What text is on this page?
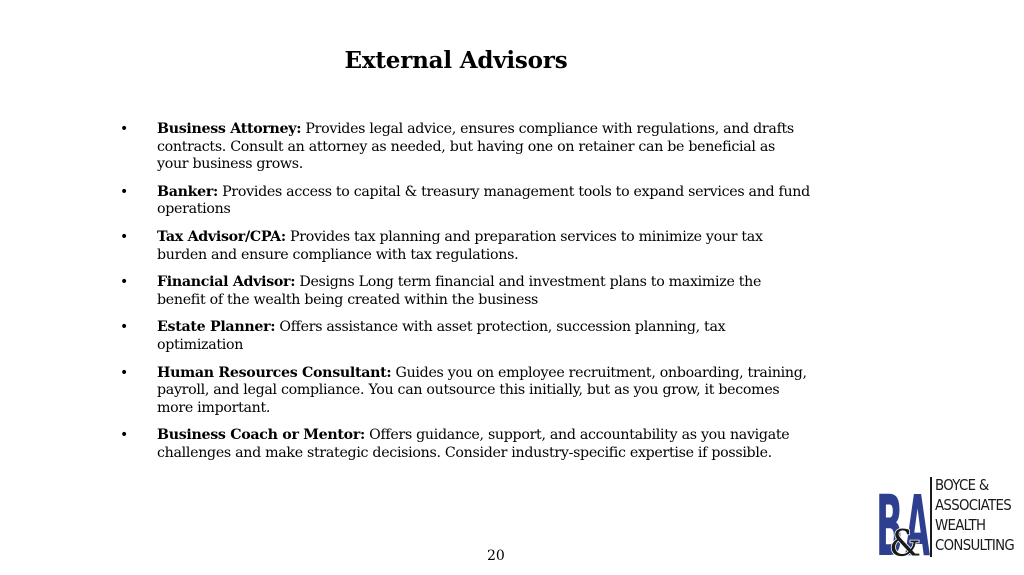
External Advisors
•	Business Attorney: Provides legal advice, ensures compliance with regulations, and drafts contracts. Consult an attorney as needed, but having one on retainer can be beneficial as your business grows.
•	Banker: Provides access to capital & treasury management tools to expand services and fund operations
•	Tax Advisor/CPA: Provides tax planning and preparation services to minimize your tax burden and ensure compliance with tax regulations.
•	Financial Advisor: Designs Long term financial and investment plans to maximize the benefit of the wealth being created within the business
•	Estate Planner: Offers assistance with asset protection, succession planning, tax optimization
•	Human Resources Consultant: Guides you on employee recruitment, onboarding, training, payroll, and legal compliance. You can outsource this initially, but as you grow, it becomes more important.
•	Business Coach or Mentor: Offers guidance, support, and accountability as you navigate challenges and make strategic decisions. Consider industry-specific expertise if possible.
20	B A
&
BOYCE &
ASSOCIATES
WEALTH
CONSULTING
